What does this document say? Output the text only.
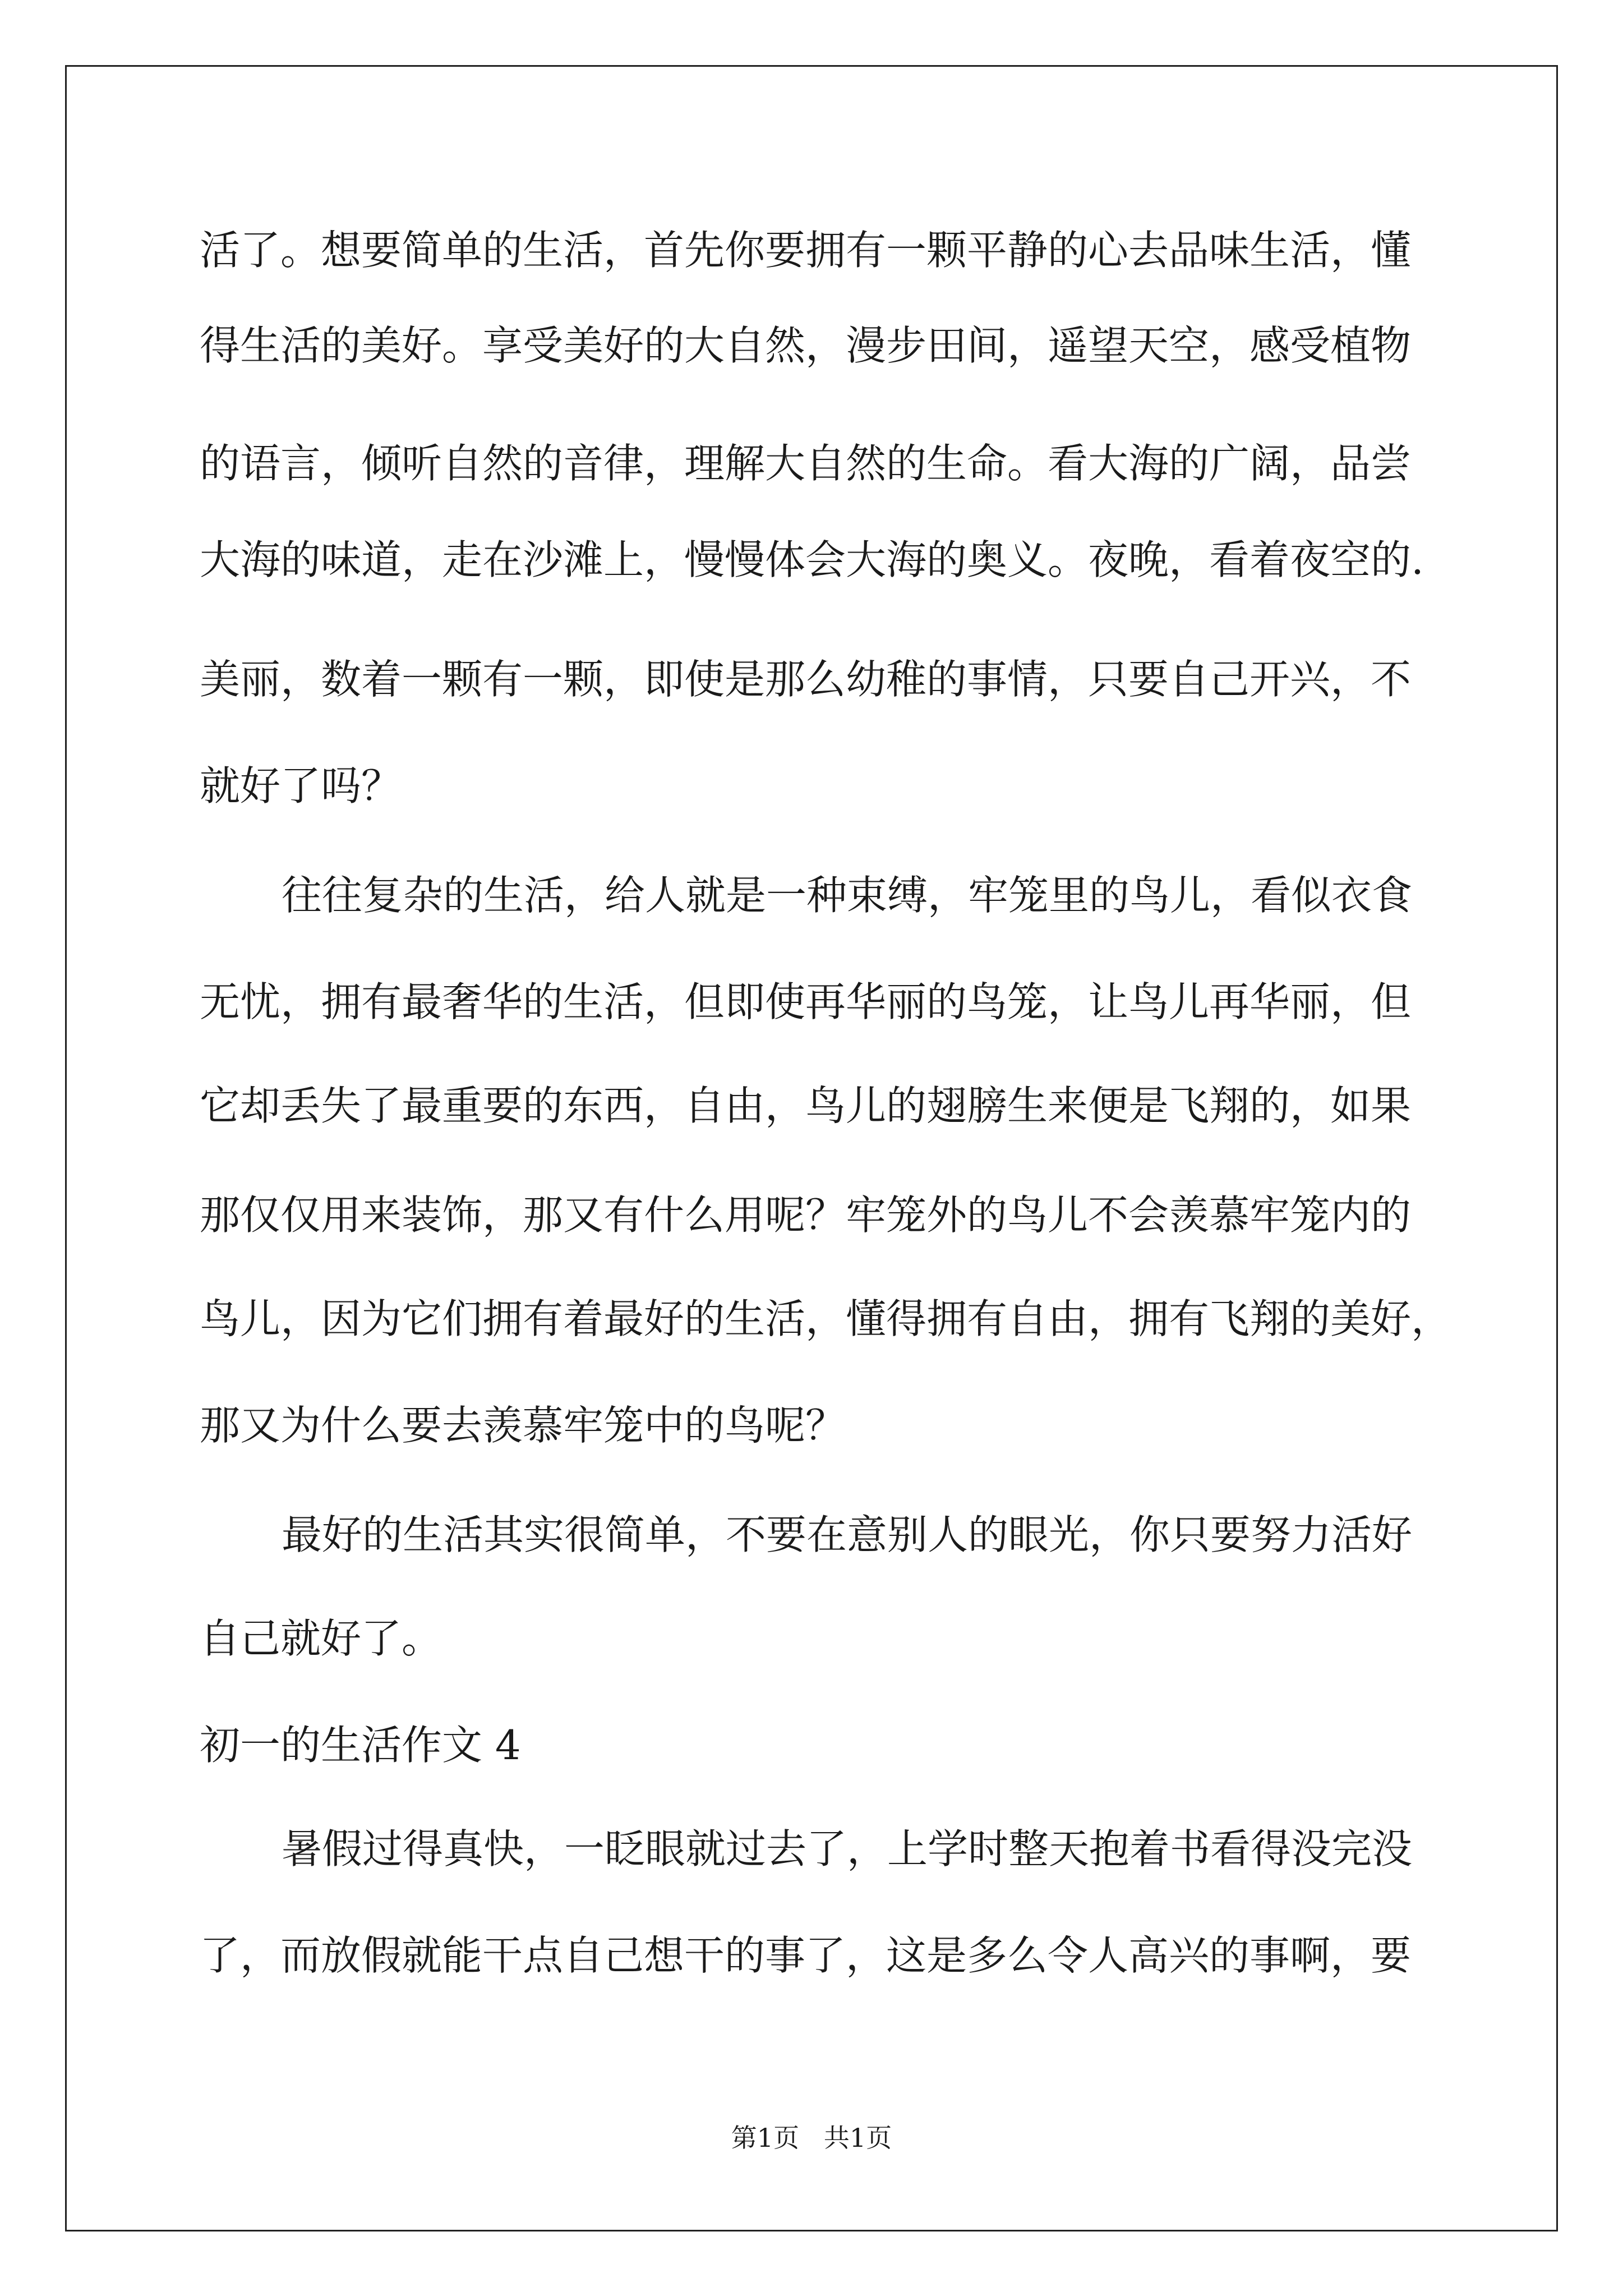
活了。想要简单的生活，首先你要拥有一颗平静的心去品味生活，懂
得生活的美好。享受美好的大自然，漫步田间，遥望天空，感受植物
的语言，倾听自然的音律，理解大自然的生命。看大海的广阔，品尝
大海的味道，走在沙滩上，慢慢体会大海的奥义。夜晚，看着夜空的.
美丽，数着一颗有一颗，即使是那么幼稚的事情，只要自己开兴，不
就好了吗？
往往复杂的生活，给人就是一种束缚，牢笼里的鸟儿，看似衣食
无忧，拥有最奢华的生活，但即使再华丽的鸟笼，让鸟儿再华丽，但
它却丢失了最重要的东西，自由，鸟儿的翅膀生来便是飞翔的，如果
那仅仅用来装饰，那又有什么用呢？牢笼外的鸟儿不会羡慕牢笼内的
鸟儿，因为它们拥有着最好的生活，懂得拥有自由，拥有飞翔的美好，
那又为什么要去羡慕牢笼中的鸟呢？
最好的生活其实很简单，不要在意别人的眼光，你只要努力活好
自己就好了。
初一的生活作文 4
暑假过得真快，一眨眼就过去了，上学时整天抱着书看得没完没
了，而放假就能干点自己想干的事了，这是多么令人高兴的事啊，要
第1页   共1页
